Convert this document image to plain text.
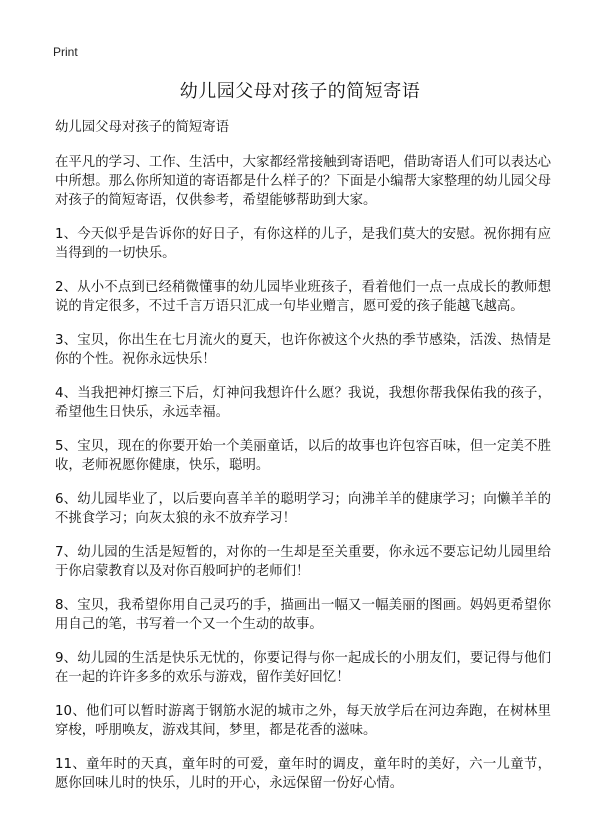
Print
幼儿园父母对孩子的简短寄语

幼儿园父母对孩子的简短寄语

在平凡的学习、工作、生活中，大家都经常接触到寄语吧，借助寄语人们可以表达心中所想。那么你所知道的寄语都是什么样子的？下面是小编帮大家整理的幼儿园父母对孩子的简短寄语，仅供参考，希望能够帮助到大家。

1、今天似乎是告诉你的好日子，有你这样的儿子，是我们莫大的安慰。祝你拥有应当得到的一切快乐。

2、从小不点到已经稍微懂事的幼儿园毕业班孩子，看着他们一点一点成长的教师想说的肯定很多，不过千言万语只汇成一句毕业赠言，愿可爱的孩子能越飞越高。

3、宝贝，你出生在七月流火的夏天，也许你被这个火热的季节感染，活泼、热情是你的个性。祝你永远快乐！

4、当我把神灯擦三下后，灯神问我想许什么愿？我说，我想你帮我保佑我的孩子，希望他生日快乐，永远幸福。

5、宝贝，现在的你要开始一个美丽童话，以后的故事也许包容百味，但一定美不胜收，老师祝愿你健康，快乐，聪明。

6、幼儿园毕业了，以后要向喜羊羊的聪明学习；向沸羊羊的健康学习；向懒羊羊的不挑食学习；向灰太狼的永不放弃学习！

7、幼儿园的生活是短暂的，对你的一生却是至关重要，你永远不要忘记幼儿园里给于你启蒙教育以及对你百般呵护的老师们！

8、宝贝，我希望你用自己灵巧的手，描画出一幅又一幅美丽的图画。妈妈更希望你用自己的笔，书写着一个又一个生动的故事。

9、幼儿园的生活是快乐无忧的，你要记得与你一起成长的小朋友们，要记得与他们在一起的许许多多的欢乐与游戏，留作美好回忆！

10、他们可以暂时游离于钢筋水泥的城市之外，每天放学后在河边奔跑，在树林里穿梭，呼朋唤友，游戏其间，梦里，都是花香的滋味。

11、童年时的天真，童年时的可爱，童年时的调皮，童年时的美好，六一儿童节，愿你回味儿时的快乐，儿时的开心，永远保留一份好心情。
